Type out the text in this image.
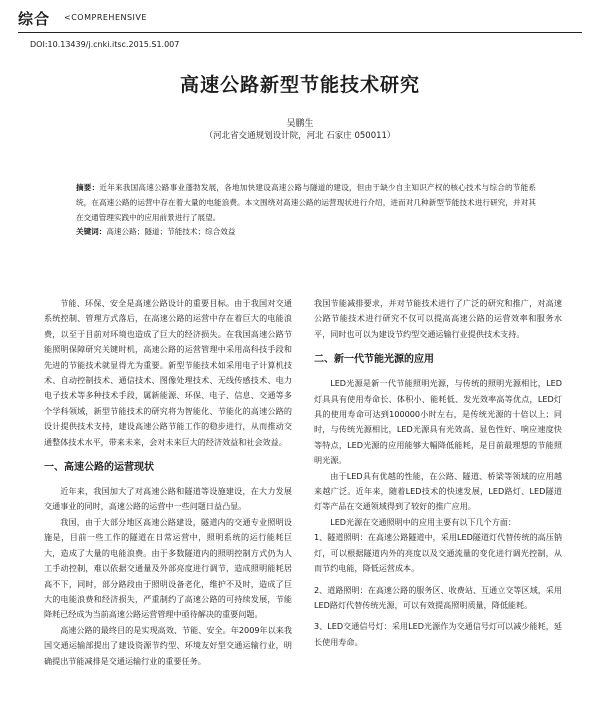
综合 <COMPREHENSIVE
DOI:10.13439/j.cnki.itsc.2015.S1.007
高速公路新型节能技术研究
吴鹏生
（河北省交通规划设计院，河北 石家庄 050011）
摘要：近年来我国高速公路事业蓬勃发展，各地加快建设高速公路与隧道的建设，但由于缺少自主知识产权的核心技术与综合的节能系统，在高速公路的运营中存在着大量的电能浪费。本文围绕对高速公路的运营现状进行介绍，进而对几种新型节能技术进行研究，并对其在交通管理实践中的应用前景进行了展望。
关键词：高速公路；隧道；节能技术；综合效益

节能、环保、安全是高速公路设计的重要目标。由于我国对交通系统控制、管理方式落后，在高速公路的运营中存在着巨大的电能浪费，以至于目前对环境也造成了巨大的经济损失。在我国高速公路节能照明保障研究关键时机，高速公路的运营管理中采用高科技手段和先进的节能技术就显得尤为重要。新型节能技术如采用电子计算机技术、自动控制技术、通信技术、图像处理技术、无线传感技术、电力电子技术等多种技术手段，属新能源、环保、电子、信息、交通等多个学科领域，新型节能技术的研究将为智能化、节能化的高速公路的设计提供技术支持，建设高速公路节能工作的稳步进行，从而推动交通整体技术水平，带来未来，会对未来巨大的经济效益和社会效益。

一、高速公路的运营现状

近年来，我国加大了对高速公路和隧道等设施建设，在大力发展交通事业的同时，高速公路的运营中一些问题日益凸显。

我国，由于大部分地区高速公路建设，隧道内的交通专业照明设施是，目前一些工作的隧道在日常运营中，照明系统的运行能耗巨大，造成了大量的电能浪费。由于多数隧道内的照明控制方式仍为人工手动控制，难以依据交通量及外部亮度进行调节，造成照明能耗居高不下，同时，部分路段由于照明设备老化，维护不及时，造成了巨大的电能浪费和经济损失，严重制约了高速公路的可持续发展，节能降耗已经成为当前高速公路运营管理中亟待解决的重要问题。

高速公路的最终目的是实现高效、节能、安全。年2009年以来我国交通运输部提出了建设资源节约型、环境友好型交通运输行业，明确提出节能减排是交通运输行业的重要任务。

我国节能减排要求，并对节能技术进行了广泛的研究和推广，对高速公路节能技术进行研究不仅可以提高高速公路的运营效率和服务水平，同时也可以为建设节约型交通运输行业提供技术支持。

二、新一代节能光源的应用

LED光源是新一代节能照明光源，与传统的照明光源相比，LED灯具具有使用寿命长、体积小、能耗低、发光效率高等优点，LED灯具的使用寿命可达到100000小时左右，是传统光源的十倍以上；同时，与传统光源相比，LED光源具有光效高、显色性好、响应速度快等特点，LED光源的应用能够大幅降低能耗，是目前最理想的节能照明光源。

由于LED具有优越的性能，在公路、隧道、桥梁等领域的应用越来越广泛。近年来，随着LED技术的快速发展，LED路灯、LED隧道灯等产品在交通领域得到了较好的推广应用。

LED光源在交通照明中的应用主要有以下几个方面：

1、隧道照明：在高速公路隧道中，采用LED隧道灯代替传统的高压钠灯，可以根据隧道内外的亮度以及交通流量的变化进行调光控制，从而节约电能，降低运营成本。

2、道路照明：在高速公路的服务区、收费站、互通立交等区域，采用LED路灯代替传统光源，可以有效提高照明质量，降低能耗。

3、LED交通信号灯：采用LED光源作为交通信号灯可以减少能耗，延长使用寿命。
